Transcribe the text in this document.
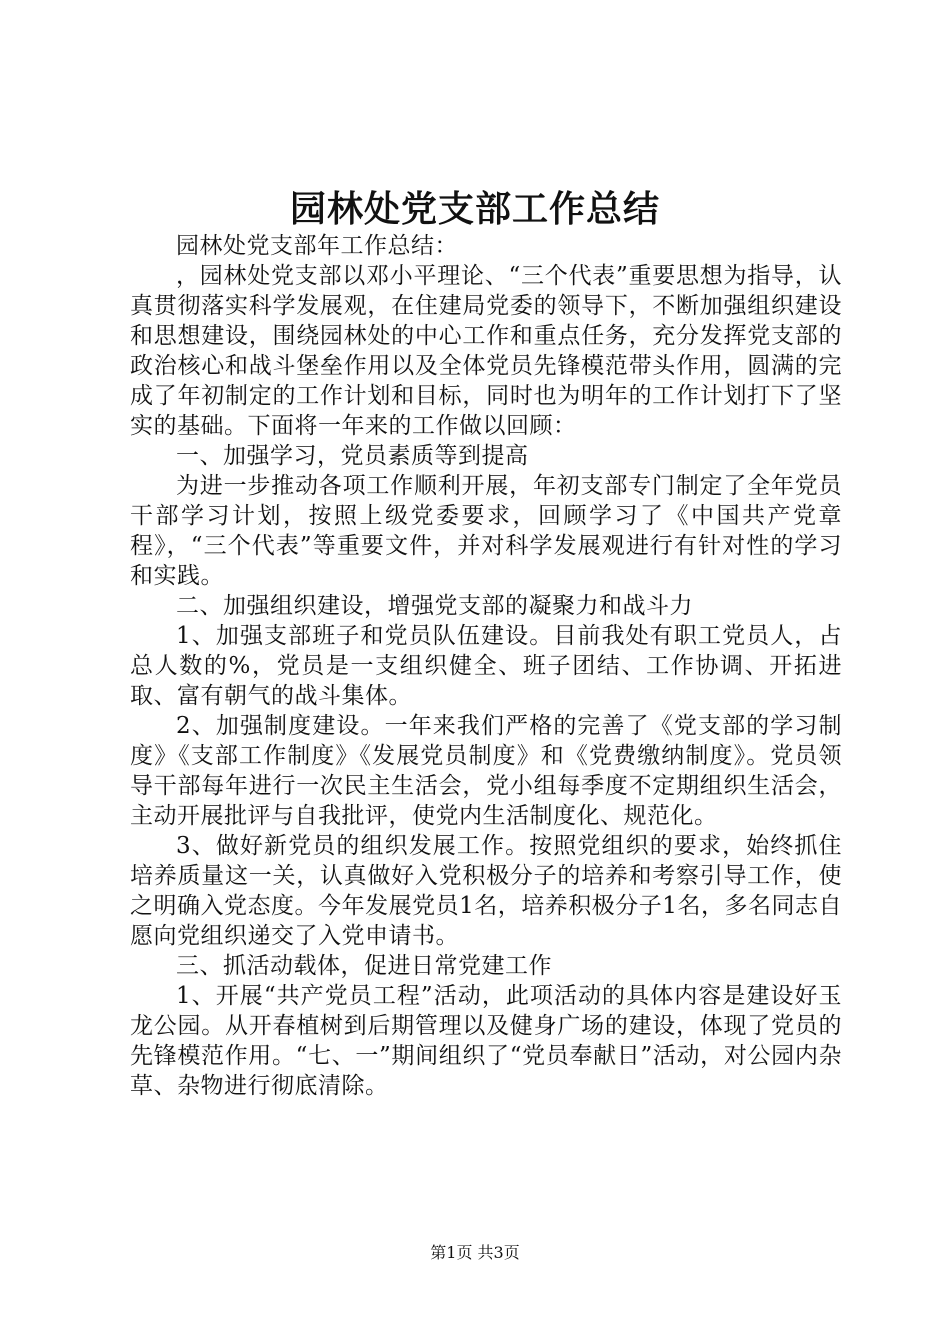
园林处党支部工作总结

园林处党支部年工作总结：

，园林处党支部以邓小平理论、“三个代表”重要思想为指导，认真贯彻落实科学发展观，在住建局党委的领导下，不断加强组织建设和思想建设，围绕园林处的中心工作和重点任务，充分发挥党支部的政治核心和战斗堡垒作用以及全体党员先锋模范带头作用，圆满的完成了年初制定的工作计划和目标，同时也为明年的工作计划打下了坚实的基础。下面将一年来的工作做以回顾：

一、加强学习，党员素质等到提高

为进一步推动各项工作顺利开展，年初支部专门制定了全年党员干部学习计划，按照上级党委要求，回顾学习了《中国共产党章程》，“三个代表”等重要文件，并对科学发展观进行有针对性的学习和实践。

二、加强组织建设，增强党支部的凝聚力和战斗力

1、加强支部班子和党员队伍建设。目前我处有职工党员人，占总人数的%，党员是一支组织健全、班子团结、工作协调、开拓进取、富有朝气的战斗集体。

2、加强制度建设。一年来我们严格的完善了《党支部的学习制度》《支部工作制度》《发展党员制度》和《党费缴纳制度》。党员领导干部每年进行一次民主生活会，党小组每季度不定期组织生活会，主动开展批评与自我批评，使党内生活制度化、规范化。

3、做好新党员的组织发展工作。按照党组织的要求，始终抓住培养质量这一关，认真做好入党积极分子的培养和考察引导工作，使之明确入党态度。今年发展党员1名，培养积极分子1名，多名同志自愿向党组织递交了入党申请书。

三、抓活动载体，促进日常党建工作

1、开展“共产党员工程”活动，此项活动的具体内容是建设好玉龙公园。从开春植树到后期管理以及健身广场的建设，体现了党员的先锋模范作用。“七、一”期间组织了“党员奉献日”活动，对公园内杂草、杂物进行彻底清除。

第1页 共3页
